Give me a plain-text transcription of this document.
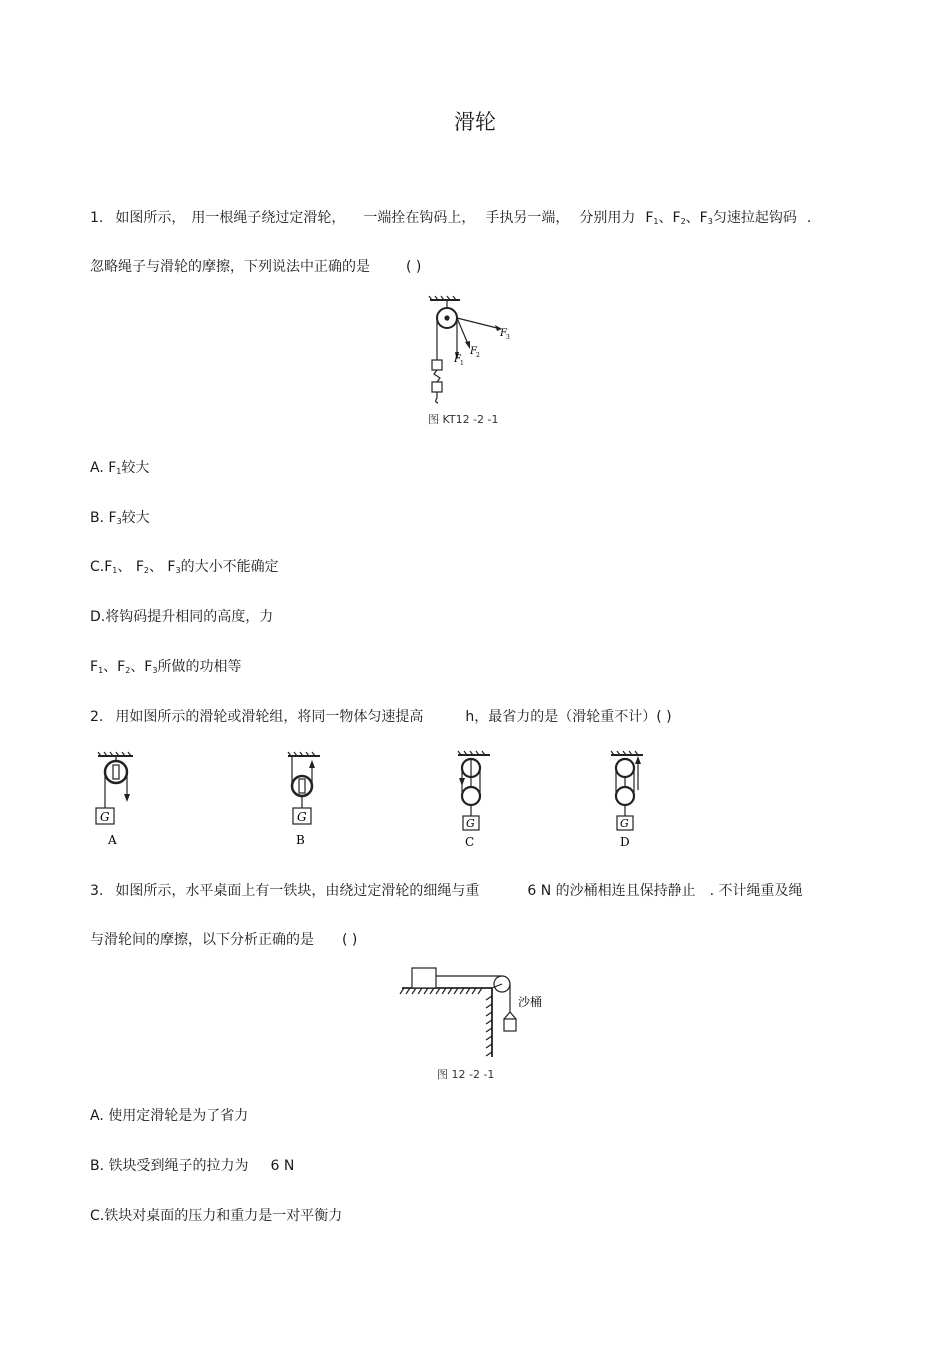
滑轮
1. 如图所示， 用一根绳子绕过定滑轮， 一端拴在钩码上， 手执另一端， 分别用力 $F_1$、$F_2$、$F_3$匀速拉起钩码 .
忽略绳子与滑轮的摩擦，下列说法中正确的是	( )
F 1
F 2
F 3
图 KT12 -2 -1
A. $F_1$较大
B. $F_3$较大
$C.F_1$、 $F_2$、 $F_3$的大小不能确定
D.将钩码提升相同的高度，力
$F_1$、$F_2$、$F_3$所做的功相等
2. 用如图所示的滑轮或滑轮组，将同一物体匀速提高	h，最省力的是（滑轮重不计）( )
G
A
G
B
G
C
G
D
3. 如图所示，水平桌面上有一铁块，由绕过定滑轮的细绳与重	6 N 的沙桶相连且保持静止 . 不计绳重及绳
与滑轮间的摩擦，以下分析正确的是 ( )
沙桶
图 12 -2 -1
A. 使用定滑轮是为了省力
B. 铁块受到绳子的拉力为 6 N
C.铁块对桌面的压力和重力是一对平衡力
